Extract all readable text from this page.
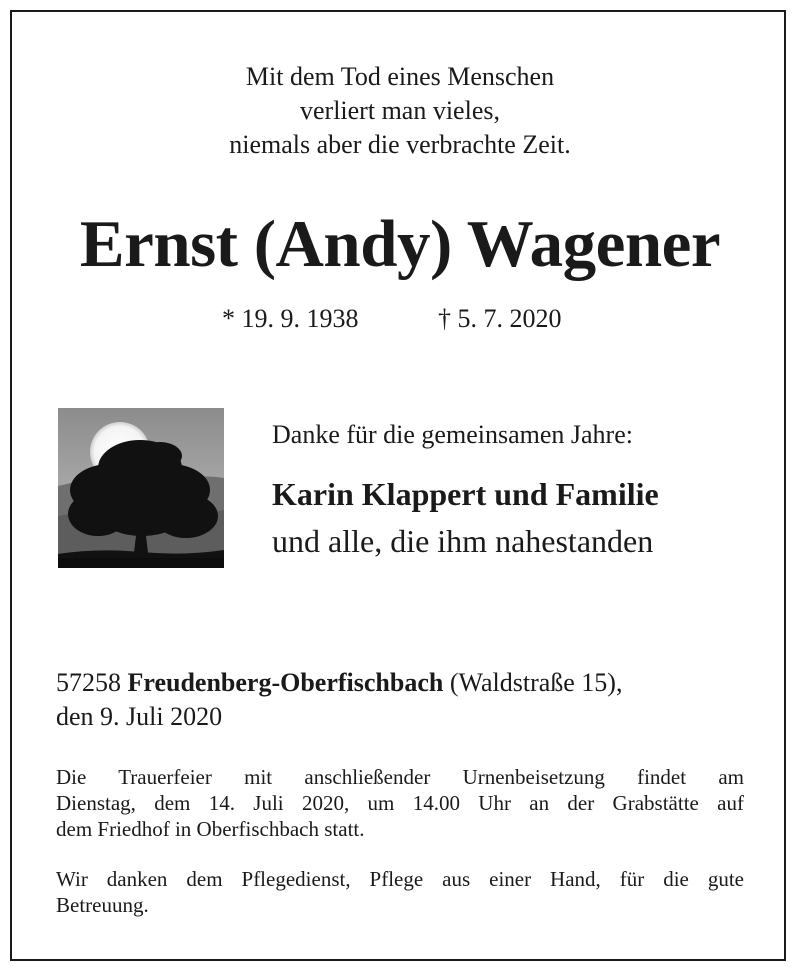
Mit dem Tod eines Menschen
verliert man vieles,
niemals aber die verbrachte Zeit.
Ernst (Andy) Wagener
* 19. 9. 1938	† 5. 7. 2020
Danke für die gemeinsamen Jahre:
Karin Klappert und Familie
und alle, die ihm nahestanden
57258 Freudenberg-Oberfischbach (Waldstraße 15),
den 9. Juli 2020
Die Trauerfeier mit anschließender Urnenbeisetzung findet am
Dienstag, dem 14. Juli 2020, um 14.00 Uhr an der Grabstätte auf
dem Friedhof in Oberfischbach statt.
Wir danken dem Pflegedienst, Pflege aus einer Hand, für die gute
Betreuung.
